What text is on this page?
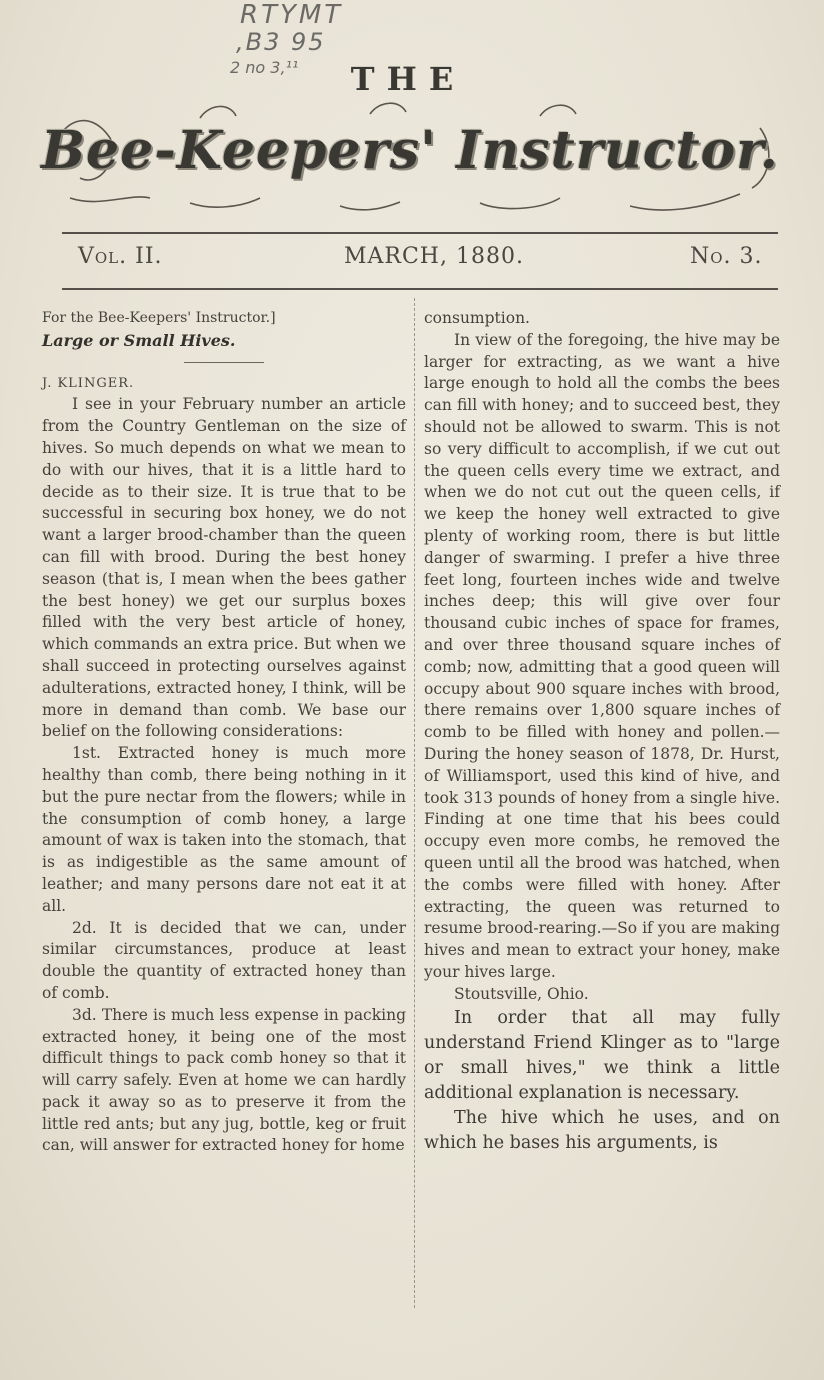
RTYMT
,B3 95
2 no 3,¹¹	THE
Bee-Keepers' Instructor.
Vol. II.	MARCH, 1880.	No. 3.

For the Bee-Keepers' Instructor.]

Large or Small Hives.

J. KLINGER.

I see in your February number an article from the Country Gentleman on the size of hives. So much depends on what we mean to do with our hives, that it is a little hard to decide as to their size. It is true that to be successful in securing box honey, we do not want a larger brood-chamber than the queen can fill with brood. During the best honey season (that is, I mean when the bees gather the best honey) we get our surplus boxes filled with the very best article of honey, which commands an extra price. But when we shall succeed in protecting ourselves against adulterations, extracted honey, I think, will be more in demand than comb. We base our belief on the following considerations:

1st. Extracted honey is much more healthy than comb, there being nothing in it but the pure nectar from the flowers; while in the consumption of comb honey, a large amount of wax is taken into the stomach, that is as indigestible as the same amount of leather; and many persons dare not eat it at all.

2d. It is decided that we can, under similar circumstances, produce at least double the quantity of extracted honey than of comb.

3d. There is much less expense in packing extracted honey, it being one of the most difficult things to pack comb honey so that it will carry safely. Even at home we can hardly pack it away so as to preserve it from the little red ants; but any jug, bottle, keg or fruit can, will answer for extracted honey for home

consumption.

In view of the foregoing, the hive may be larger for extracting, as we want a hive large enough to hold all the combs the bees can fill with honey; and to succeed best, they should not be allowed to swarm. This is not so very difficult to accomplish, if we cut out the queen cells every time we extract, and when we do not cut out the queen cells, if we keep the honey well extracted to give plenty of working room, there is but little danger of swarming. I prefer a hive three feet long, fourteen inches wide and twelve inches deep; this will give over four thousand cubic inches of space for frames, and over three thousand square inches of comb; now, admitting that a good queen will occupy about 900 square inches with brood, there remains over 1,800 square inches of comb to be filled with honey and pollen.—During the honey season of 1878, Dr. Hurst, of Williamsport, used this kind of hive, and took 313 pounds of honey from a single hive. Finding at one time that his bees could occupy even more combs, he removed the queen until all the brood was hatched, when the combs were filled with honey. After extracting, the queen was returned to resume brood-rearing.—So if you are making hives and mean to extract your honey, make your hives large.

Stoutsville, Ohio.

In order that all may fully understand Friend Klinger as to "large or small hives," we think a little additional explanation is necessary.

The hive which he uses, and on which he bases his arguments, is
